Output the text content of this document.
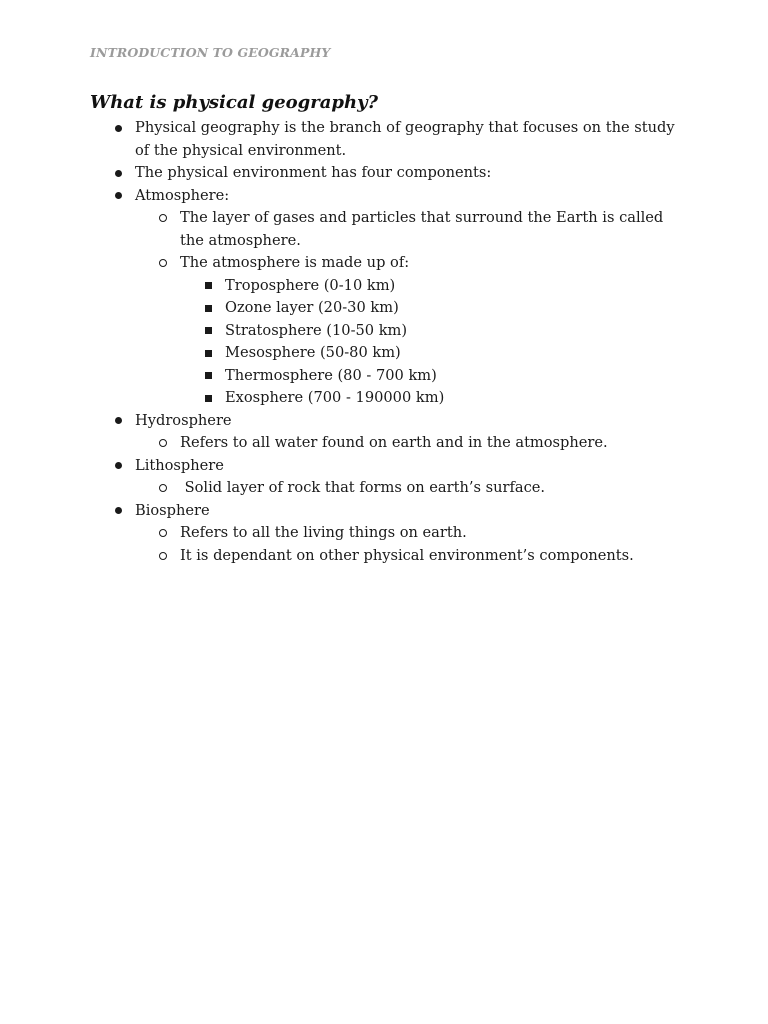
INTRODUCTION TO GEOGRAPHY
What is physical geography?
Physical geography is the branch of geography that focuses on the study of the physical environment.
The physical environment has four components:
Atmosphere:
The layer of gases and particles that surround the Earth is called the atmosphere.
The atmosphere is made up of:
Troposphere (0-10 km)
Ozone layer (20-30 km)
Stratosphere (10-50 km)
Mesosphere (50-80 km)
Thermosphere (80 - 700 km)
Exosphere (700 - 190000 km)
Hydrosphere
Refers to all water found on earth and in the atmosphere.
Lithosphere
Solid layer of rock that forms on earth’s surface.
Biosphere
Refers to all the living things on earth.
It is dependant on other physical environment’s components.
